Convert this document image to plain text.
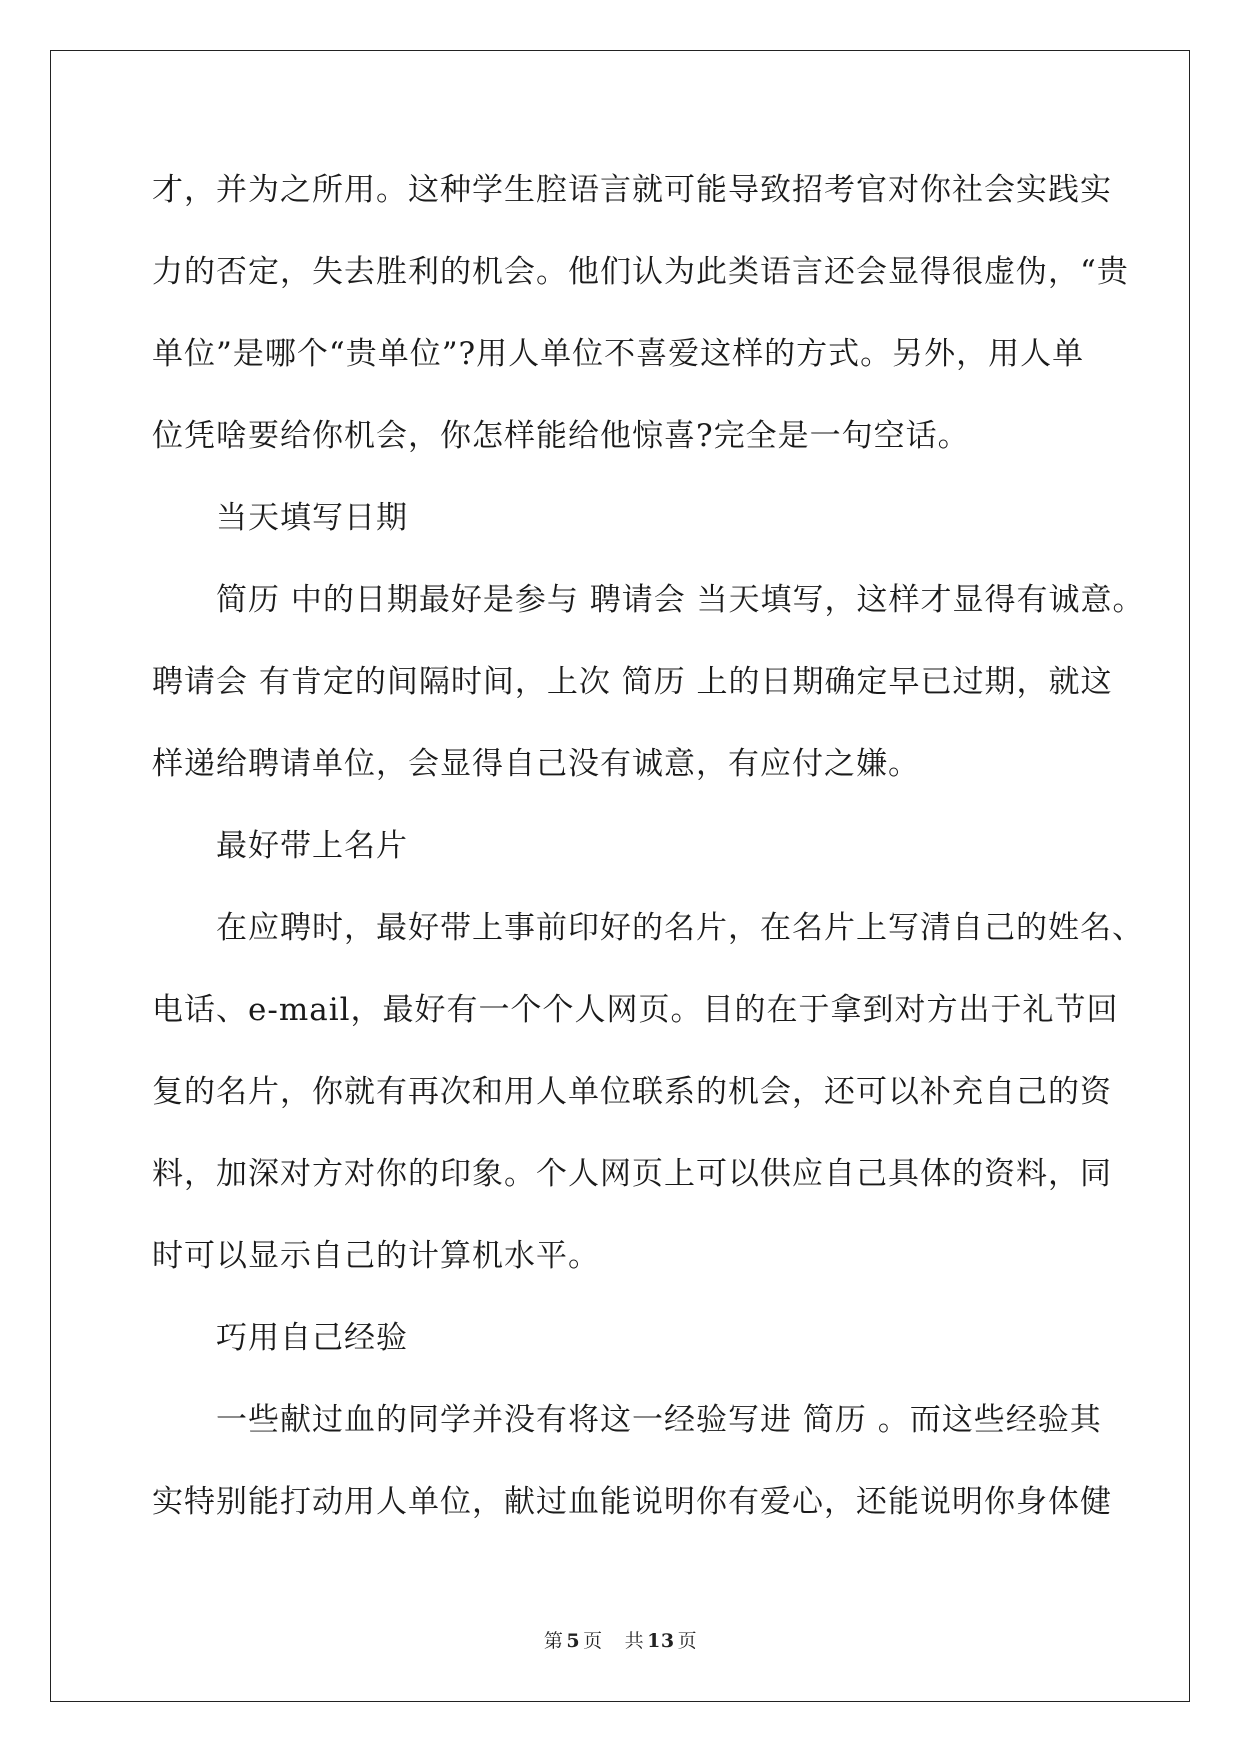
才，并为之所用。这种学生腔语言就可能导致招考官对你社会实践实
力的否定，失去胜利的机会。他们认为此类语言还会显得很虚伪，“贵
单位”是哪个“贵单位”?用人单位不喜爱这样的方式。另外，用人单
位凭啥要给你机会，你怎样能给他惊喜?完全是一句空话。
当天填写日期
简历 中的日期最好是参与 聘请会 当天填写，这样才显得有诚意。
聘请会 有肯定的间隔时间，上次 简历 上的日期确定早已过期，就这
样递给聘请单位，会显得自己没有诚意，有应付之嫌。
最好带上名片
在应聘时，最好带上事前印好的名片，在名片上写清自己的姓名、
电话、e-mail，最好有一个个人网页。目的在于拿到对方出于礼节回
复的名片，你就有再次和用人单位联系的机会，还可以补充自己的资
料，加深对方对你的印象。个人网页上可以供应自己具体的资料，同
时可以显示自己的计算机水平。
巧用自己经验
一些献过血的同学并没有将这一经验写进 简历 。而这些经验其
实特别能打动用人单位，献过血能说明你有爱心，还能说明你身体健
第 5 页 共 13 页
